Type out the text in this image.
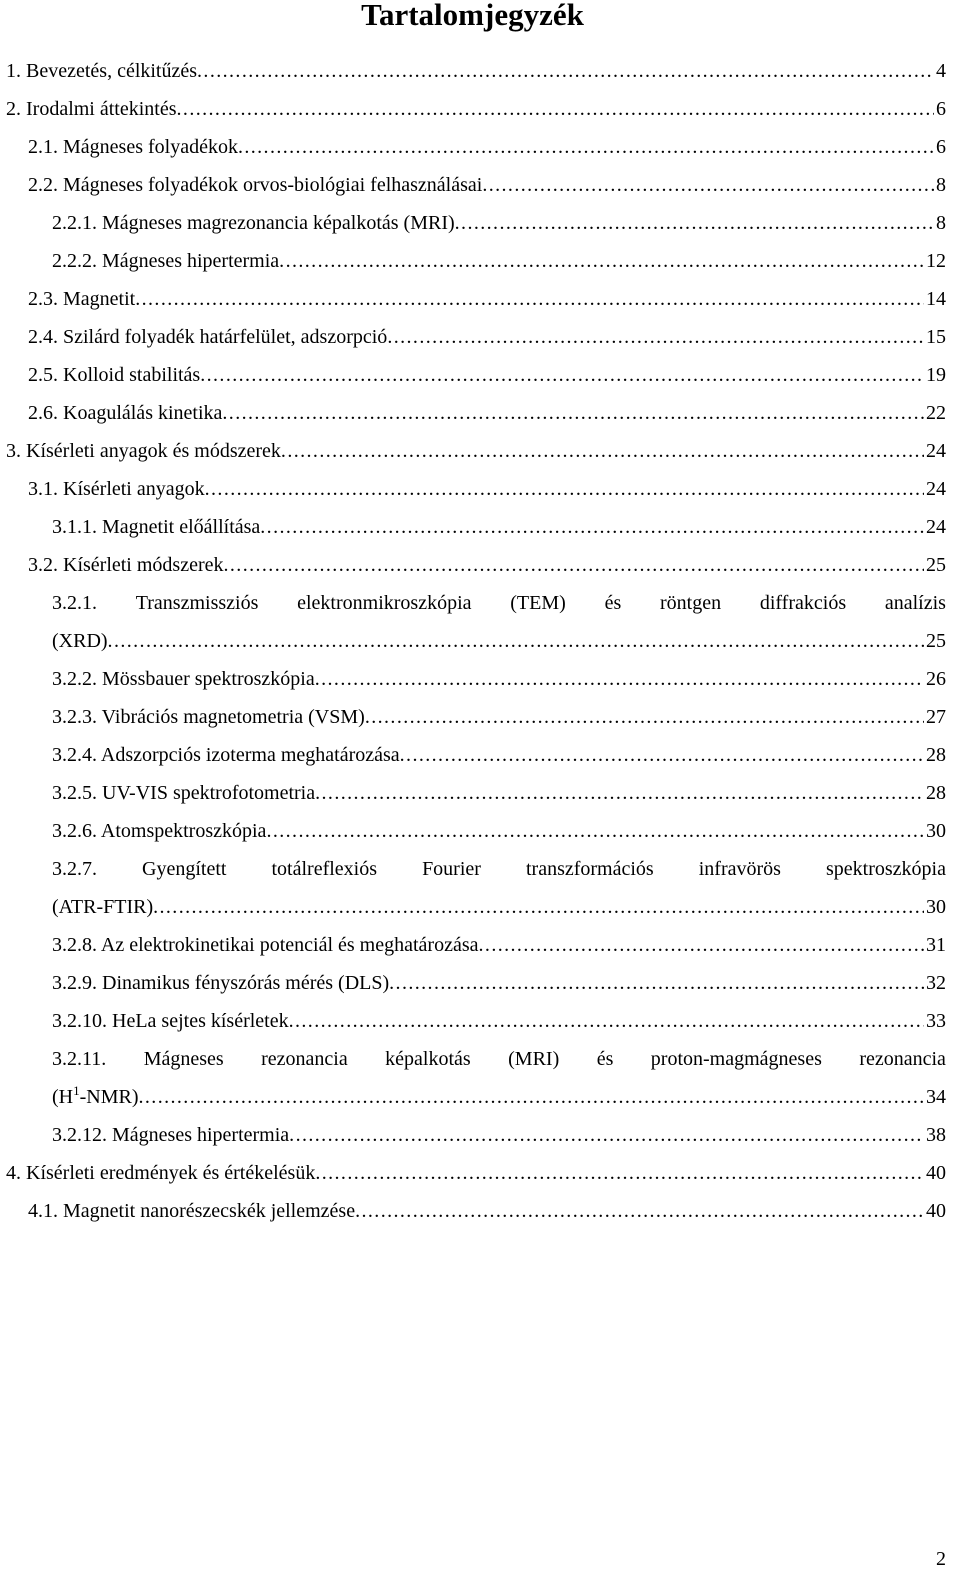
Tartalomjegyzék
1. Bevezetés, célkitűzés . . .	4
2. Irodalmi áttekintés . . .	6
2.1. Mágneses folyadékok . . .	6
2.2. Mágneses folyadékok orvos-biológiai felhasználásai . . .	8
2.2.1. Mágneses magrezonancia képalkotás (MRI) . . .	8
2.2.2. Mágneses hipertermia . . .	12
2.3. Magnetit . . .	14
2.4. Szilárd folyadék határfelület, adszorpció . . .	15
2.5. Kolloid stabilitás . . .	19
2.6. Koagulálás kinetika . . .	22
3. Kísérleti anyagok és módszerek . . .	24
3.1. Kísérleti anyagok . . .	24
3.1.1. Magnetit előállítása . . .	24
3.2. Kísérleti módszerek . . .	25
3.2.1. Transzmissziós elektronmikroszkópia (TEM) és röntgen diffrakciós analízis
(XRD) . . .	25
3.2.2. Mössbauer spektroszkópia . . .	26
3.2.3. Vibrációs magnetometria (VSM) . . .	27
3.2.4. Adszorpciós izoterma meghatározása . . .	28
3.2.5. UV-VIS spektrofotometria . . .	28
3.2.6. Atomspektroszkópia . . .	30
3.2.7. Gyengített totálreflexiós Fourier transzformációs infravörös spektroszkópia
(ATR-FTIR) . . .	30
3.2.8. Az elektrokinetikai potenciál és meghatározása . . .	31
3.2.9. Dinamikus fényszórás mérés (DLS) . . .	32
3.2.10. HeLa sejtes kísérletek . . .	33
3.2.11. Mágneses rezonancia képalkotás (MRI) és proton-magmágneses rezonancia
$(H^1-NMR)$ . . .	34
3.2.12. Mágneses hipertermia . . .	38
4. Kísérleti eredmények és értékelésük . . .	40
4.1. Magnetit nanorészecskék jellemzése . . .	40
2
